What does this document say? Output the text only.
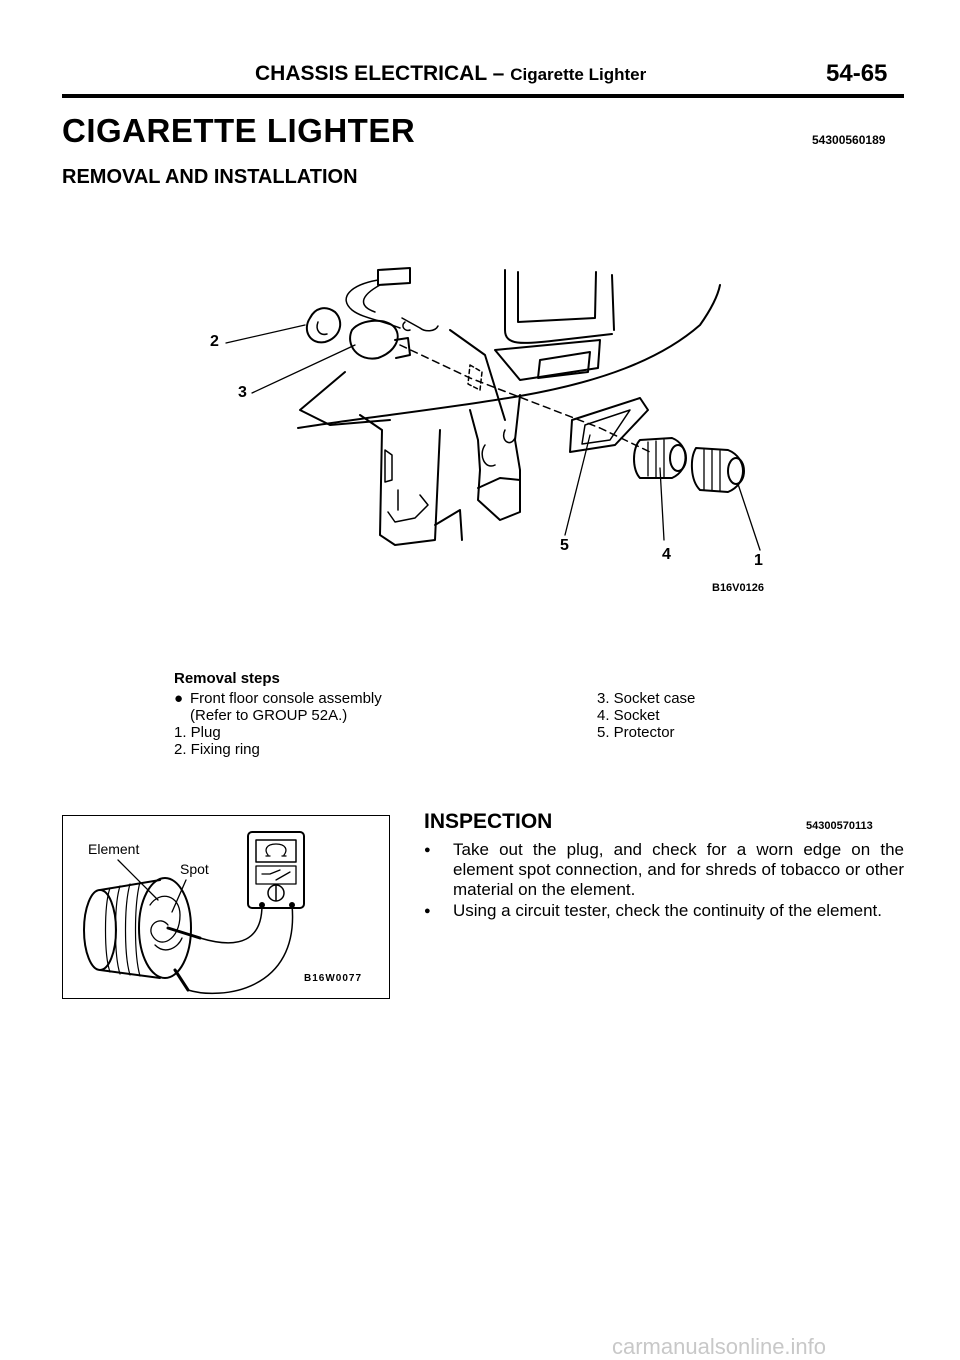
CHASSIS ELECTRICAL – Cigarette Lighter	54-65
CIGARETTE LIGHTER	54300560189
REMOVAL AND INSTALLATION
2
3
5
4	1
B16V0126
Removal steps
● Front floor console assembly
(Refer to GROUP 52A.)
1. Plug
2. Fixing ring
3. Socket case
4. Socket
5. Protector
Element
Spot
B16W0077
INSPECTION	54300570113
●	Take out the plug, and check for a worn edge on the element spot connection, and for shreds of tobacco or other material on the element.
●	Using a circuit tester, check the continuity of the element.
carmanualsonline.info
